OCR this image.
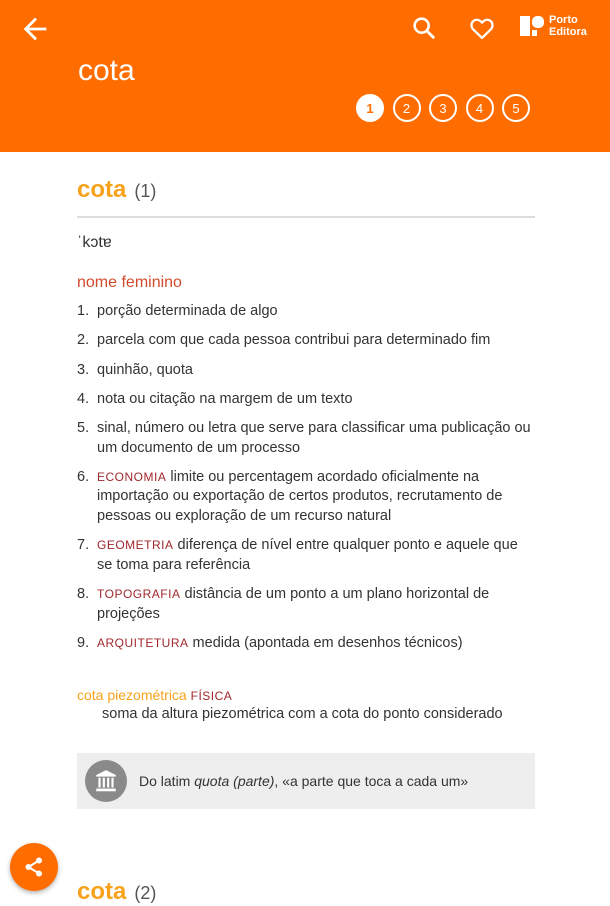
cota
Porto
Editora
1	2	3	4	5
cota (1)
ˈkɔtɐ
nome feminino
1. porção determinada de algo
2. parcela com que cada pessoa contribui para determinado fim
3. quinhão, quota
4. nota ou citação na margem de um texto
5. sinal, número ou letra que serve para classificar uma publicação ou um documento de um processo
6. ECONOMIA limite ou percentagem acordado oficialmente na importação ou exportação de certos produtos, recrutamento de pessoas ou exploração de um recurso natural
7. GEOMETRIA diferença de nível entre qualquer ponto e aquele que se toma para referência
8. TOPOGRAFIA distância de um ponto a um plano horizontal de projeções
9. ARQUITETURA medida (apontada em desenhos técnicos)
cota piezométrica FÍSICA
soma da altura piezométrica com a cota do ponto considerado
Do latim quota (parte), «a parte que toca a cada um»
cota (2)
